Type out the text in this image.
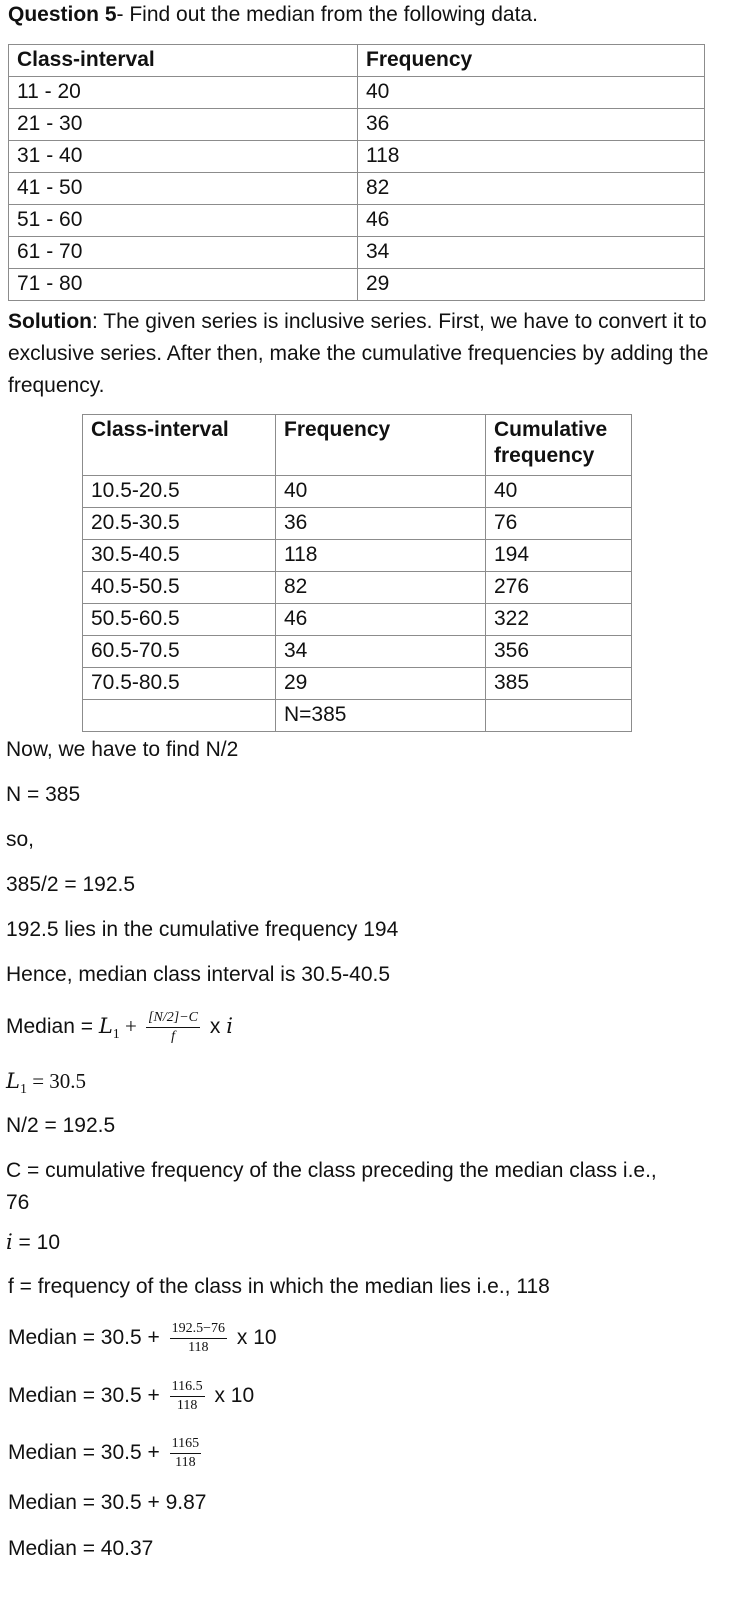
Question 5- Find out the median from the following data.
Class-interval	Frequency
11 - 20	40
21 - 30	36
31 - 40	118
41 - 50	82
51 - 60	46
61 - 70	34
71 - 80	29
Solution: The given series is inclusive series. First, we have to convert it to exclusive series. After then, make the cumulative frequencies by adding the frequency.
Class-interval	Frequency	Cumulative frequency
10.5-20.5	40	40
20.5-30.5	36	76
30.5-40.5	118	194
40.5-50.5	82	276
50.5-60.5	46	322
60.5-70.5	34	356
70.5-80.5	29	385
	N=385	
Now, we have to find N/2
N = 385
so,
385/2 = 192.5
192.5 lies in the cumulative frequency 194
Hence, median class interval is 30.5-40.5
Median = $L_1 + \frac{[N/2]-C}{f}$ x i
$L_1 = 30.5$
N/2 = 192.5
C = cumulative frequency of the class preceding the median class i.e.,
76
i = 10
f = frequency of the class in which the median lies i.e., 118
Median = $30.5 + \frac{192.5-76}{118}$ x 10
Median = $30.5 + \frac{116.5}{118}$ x 10
Median = $30.5 + \frac{1165}{118}$
Median = 30.5 + 9.87
Median = 40.37
